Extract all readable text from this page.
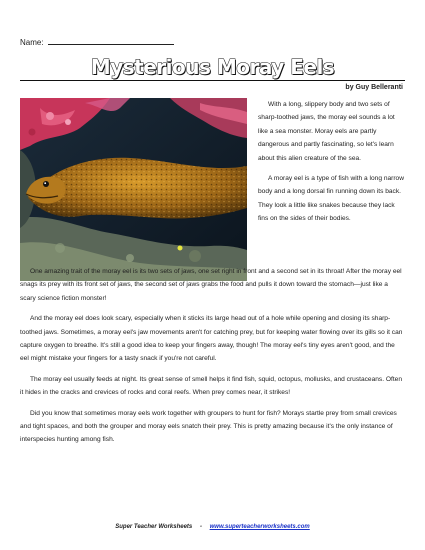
Name:
Mysterious Moray Eels
by Guy Belleranti

With a long, slippery body and two sets of sharp-toothed jaws, the moray eel sounds a lot like a sea monster. Moray eels are partly dangerous and partly fascinating, so let's learn about this alien creature of the sea.

A moray eel is a type of fish with a long narrow body and a long dorsal fin running down its back. They look a little like snakes because they lack fins on the sides of their bodies.

One amazing trait of the moray eel is its two sets of jaws, one set right in front and a second set in its throat! After the moray eel snags its prey with its front set of jaws, the second set of jaws grabs the food and pulls it down toward the stomach—just like a scary science fiction monster!

And the moray eel does look scary, especially when it sticks its large head out of a hole while opening and closing its sharp-toothed jaws. Sometimes, a moray eel's jaw movements aren't for catching prey, but for keeping water flowing over its gills so it can capture oxygen to breathe. It's still a good idea to keep your fingers away, though! The moray eel's tiny eyes aren't good, and the eel might mistake your fingers for a tasty snack if you're not careful.

The moray eel usually feeds at night. Its great sense of smell helps it find fish, squid, octopus, mollusks, and crustaceans. Often it hides in the cracks and crevices of rocks and coral reefs. When prey comes near, it strikes!

Did you know that sometimes moray eels work together with groupers to hunt for fish? Morays startle prey from small crevices and tight spaces, and both the grouper and moray eels snatch their prey. This is pretty amazing because it's the only instance of interspecies hunting among fish.

Super Teacher Worksheets - www.superteacherworksheets.com
